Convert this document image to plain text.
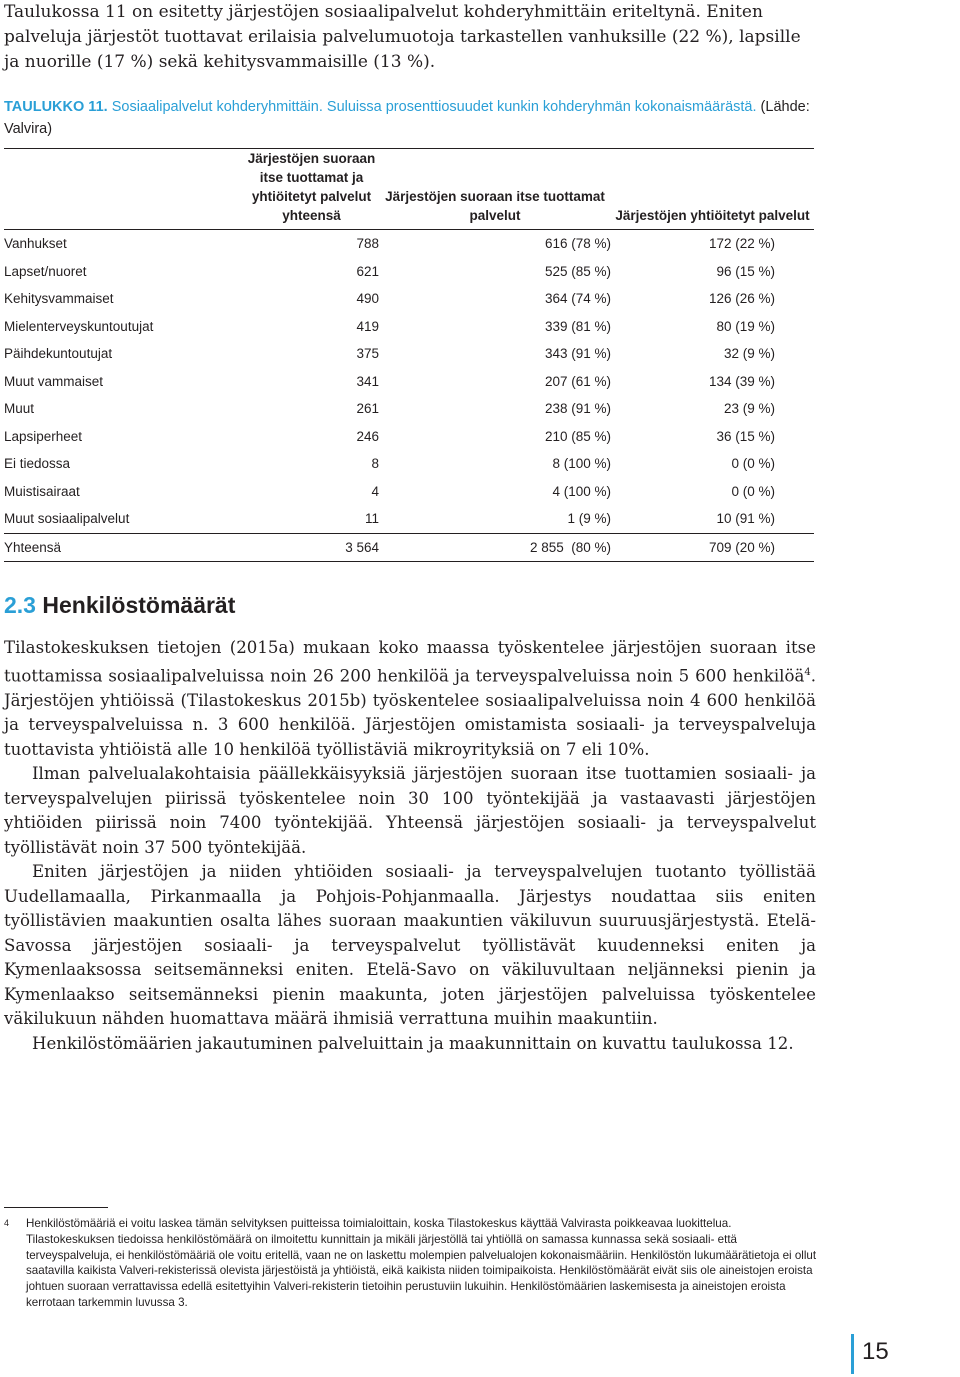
Taulukossa 11 on esitetty järjestöjen sosiaalipalvelut kohderyhmittäin eriteltynä. Eniten palveluja järjestöt tuottavat erilaisia palvelumuotoja tarkastellen vanhuksille (22 %), lapsille ja nuorille (17 %) sekä kehitysvammaisille (13 %).

TAULUKKO 11. Sosiaalipalvelut kohderyhmittäin. Suluissa prosenttiosuudet kunkin kohderyhmän kokonaismäärästä. (Lähde: Valvira)

	Järjestöjen suoraan itse tuottamat ja yhtiöitetyt palvelut yhteensä	Järjestöjen suoraan itse tuottamat palvelut	Järjestöjen yhtiöitetyt palvelut
Vanhukset	788	616 (78 %)	172 (22 %)
Lapset/nuoret	621	525 (85 %)	96 (15 %)
Kehitysvammaiset	490	364 (74 %)	126 (26 %)
Mielenterveyskuntoutujat	419	339 (81 %)	80 (19 %)
Päihdekuntoutujat	375	343 (91 %)	32 (9 %)
Muut vammaiset	341	207 (61 %)	134 (39 %)
Muut	261	238 (91 %)	23 (9 %)
Lapsiperheet	246	210 (85 %)	36 (15 %)
Ei tiedossa	8	8 (100 %)	0 (0 %)
Muistisairaat	4	4 (100 %)	0 (0 %)
Muut sosiaalipalvelut	11	1 (9 %)	10 (91 %)
Yhteensä	3 564	2 855  (80 %)	709 (20 %)
2.3 Henkilöstömäärät

Tilastokeskuksen tietojen (2015a) mukaan koko maassa työskentelee järjestöjen suoraan itse tuottamissa sosiaalipalveluissa noin 26 200 henkilöä ja terveyspalveluissa noin 5 600 henkilöä$^4$. Järjestöjen yhtiöissä (Tilastokeskus 2015b) työskentelee sosiaalipalveluissa noin 4 600 henkilöä ja terveyspalveluissa n. 3 600 henkilöä. Järjestöjen omistamista sosiaali- ja terveyspalveluja tuottavista yhtiöistä alle 10 henkilöä työllistäviä mikroyrityksiä on 7 eli 10%.

Ilman palvelualakohtaisia päällekkäisyyksiä järjestöjen suoraan itse tuottamien sosiaali- ja terveyspalvelujen piirissä työskentelee noin 30 100 työntekijää ja vastaavasti järjestöjen yhtiöiden piirissä noin 7400 työntekijää. Yhteensä järjestöjen sosiaali- ja terveyspalvelut työllistävät noin 37 500 työntekijää.

Eniten järjestöjen ja niiden yhtiöiden sosiaali- ja terveyspalvelujen tuotanto työllistää Uudellamaalla, Pirkanmaalla ja Pohjois-Pohjanmaalla. Järjestys noudattaa siis eniten työllistävien maakuntien osalta lähes suoraan maakuntien väkiluvun suuruusjärjestystä. Etelä-Savossa järjestöjen sosiaali- ja terveyspalvelut työllistävät kuudenneksi eniten ja Kymenlaaksossa seitsemänneksi eniten. Etelä-Savo on väkiluvultaan neljänneksi pienin ja Kymenlaakso seitsemänneksi pienin maakunta, joten järjestöjen palveluissa työskentelee väkilukuun nähden huomattava määrä ihmisiä verrattuna muihin maakuntiin.

Henkilöstömäärien jakautuminen palveluittain ja maakunnittain on kuvattu taulukossa 12.

4 Henkilöstömääriä ei voitu laskea tämän selvityksen puitteissa toimialoittain, koska Tilastokeskus käyttää Valvirasta poikkeavaa luokittelua. Tilastokeskuksen tiedoissa henkilöstömäärä on ilmoitettu kunnittain ja mikäli järjestöllä tai yhtiöllä on samassa kunnassa sekä sosiaali- että terveyspalveluja, ei henkilöstömääriä ole voitu eritellä, vaan ne on laskettu molempien palvelualojen kokonaismääriin. Henkilöstön lukumäärätietoja ei ollut saatavilla kaikista Valveri-rekisterissä olevista järjestöistä ja yhtiöistä, eikä kaikista niiden toimipaikoista. Henkilöstömäärät eivät siis ole aineistojen eroista johtuen suoraan verrattavissa edellä esitettyihin Valveri-rekisterin tietoihin perustuviin lukuihin. Henkilöstömäärien laskemisesta ja aineistojen eroista kerrotaan tarkemmin luvussa 3.
15
